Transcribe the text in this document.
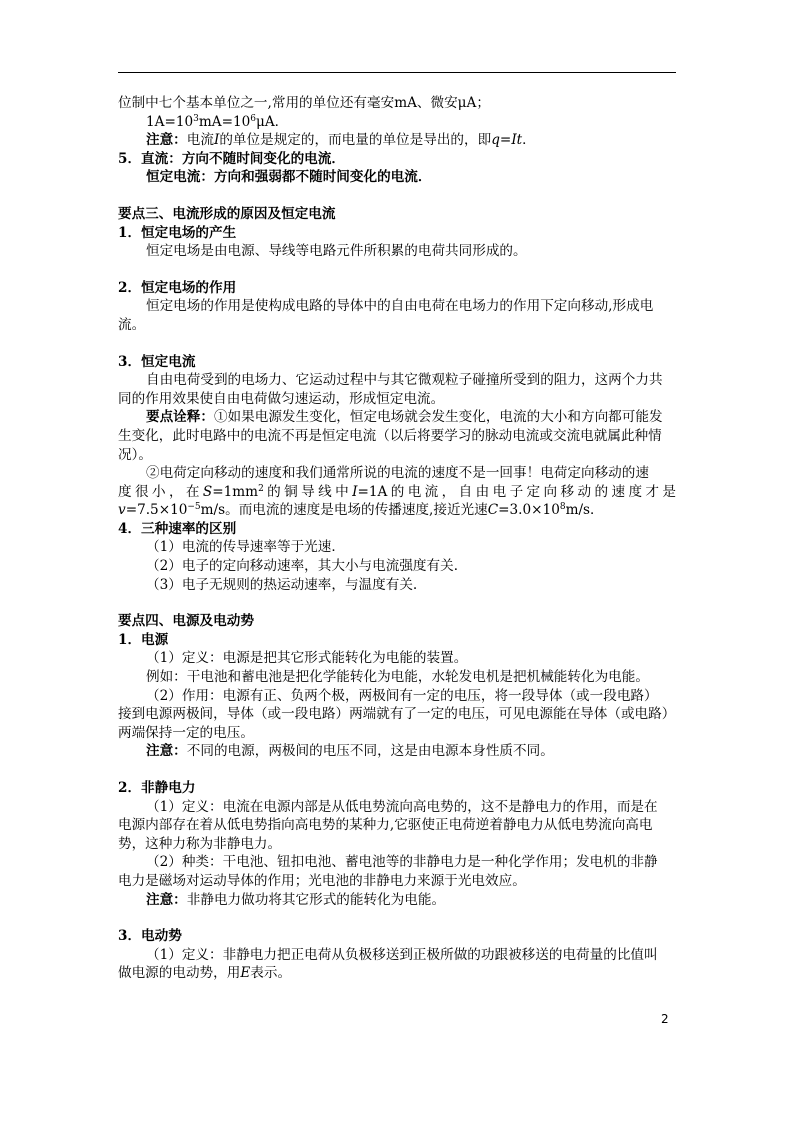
位制中七个基本单位之一,常用的单位还有毫安mA、微安μA；
$1A=10^3mA=10^6\mu A$．
注意：电流I的单位是规定的，而电量的单位是导出的，即q=It．
5．直流：方向不随时间变化的电流．
恒定电流：方向和强弱都不随时间变化的电流．
要点三、电流形成的原因及恒定电流
1．恒定电场的产生
恒定电场是由电源、导线等电路元件所积累的电荷共同形成的。
2．恒定电场的作用
恒定电场的作用是使构成电路的导体中的自由电荷在电场力的作用下定向移动,形成电
流。
3．恒定电流
自由电荷受到的电场力、它运动过程中与其它微观粒子碰撞所受到的阻力，这两个力共
同的作用效果使自由电荷做匀速运动，形成恒定电流。
要点诠释：①如果电源发生变化，恒定电场就会发生变化，电流的大小和方向都可能发
生变化，此时电路中的电流不再是恒定电流（以后将要学习的脉动电流或交流电就属此种情
况）。
②电荷定向移动的速度和我们通常所说的电流的速度不是一回事！电荷定向移动的速
度很小，在$S=1mm^2$的铜导线中I=1A的电流，自由电子定向移动的速度才是
$v=7.5\times 10^{-5}m/s$。而电流的速度是电场的传播速度,接近光速$C=3.0\times 10^8m/s$．
4．三种速率的区别
（1）电流的传导速率等于光速．
（2）电子的定向移动速率，其大小与电流强度有关．
（3）电子无规则的热运动速率，与温度有关.
要点四、电源及电动势
1．电源
（1）定义：电源是把其它形式能转化为电能的装置。
例如：干电池和蓄电池是把化学能转化为电能，水轮发电机是把机械能转化为电能。
（2）作用：电源有正、负两个极，两极间有一定的电压，将一段导体（或一段电路）
接到电源两极间，导体（或一段电路）两端就有了一定的电压，可见电源能在导体（或电路）
两端保持一定的电压。
注意：不同的电源，两极间的电压不同，这是由电源本身性质不同。
2．非静电力
（1）定义：电流在电源内部是从低电势流向高电势的，这不是静电力的作用，而是在
电源内部存在着从低电势指向高电势的某种力,它驱使正电荷逆着静电力从低电势流向高电
势，这种力称为非静电力。
（2）种类：干电池、钮扣电池、蓄电池等的非静电力是一种化学作用；发电机的非静
电力是磁场对运动导体的作用；光电池的非静电力来源于光电效应。
注意：非静电力做功将其它形式的能转化为电能。
3．电动势
（1）定义：非静电力把正电荷从负极移送到正极所做的功跟被移送的电荷量的比值叫
做电源的电动势，用E表示。
2
